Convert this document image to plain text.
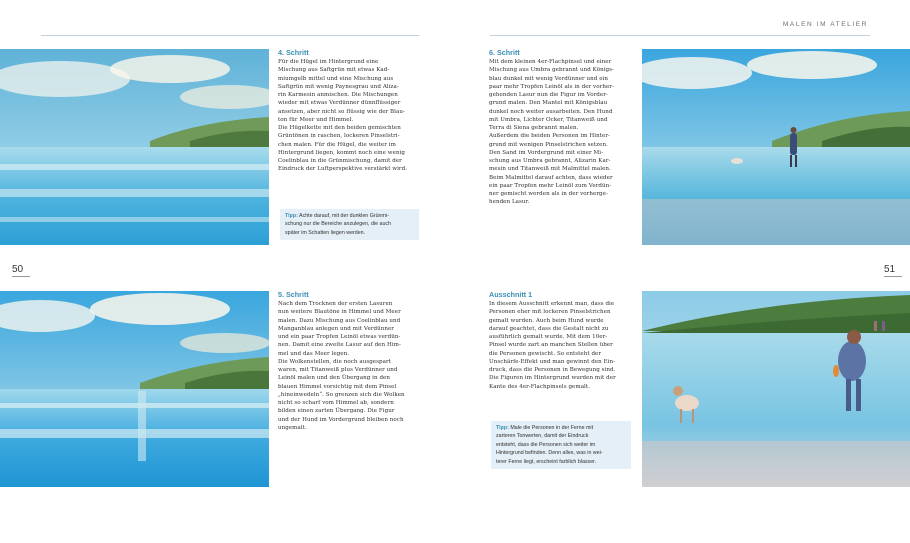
MALEN IM ATELIER
50	51
4. Schritt

Für die Hügel im Hintergrund eine
Mischung aus Saftgrün mit etwas Kad-
miumgelb mittel und eine Mischung aus
Saftgrün mit wenig Paynesgrau und Aliza-
rin Karmesin anmischen. Die Mischungen
wieder mit etwas Verdünner dünnflüssiger
ansetzen, aber nicht so flüssig wie der Blau-
ton für Meer und Himmel.
Die Hügelkette mit den beiden gemischten
Grüntönen in raschen, lockeren Pinselstri-
chen malen. Für die Hügel, die weiter im
Hintergrund liegen, kommt noch eine wenig
Coelinblau in die Grünmischung, damit der
Eindruck der Luftperspektive verstärkt wird.

Tipp: Achte darauf, mit der dunklen Grünmi-
schung nur die Bereiche anzulegen, die auch
später im Schatten liegen werden.
5. Schritt

Nach dem Trocknen der ersten Lasuren
nun weitere Blautöne in Himmel und Meer
malen. Dazu Mischung aus Coelinblau und
Manganblau anlegen und mit Verdünner
und ein paar Tropfen Leinöl etwas verdün-
nen. Damit eine zweite Lasur auf den Him-
mel und das Meer legen.
Die Wolkenstellen, die noch ausgespart
waren, mit Titanweiß plus Verdünner und
Leinöl malen und den Übergang in den
blauen Himmel vorsichtig mit dem Pinsel
„hineinwedeln“. So grenzen sich die Wolken
nicht so scharf vom Himmel ab, sondern
bilden einen zarten Übergang. Die Figur
und der Hund im Vordergrund bleiben noch
ungemalt.

6. Schritt

Mit dem kleinen 4er-Flachpinsel und einer
Mischung aus Umbra gebrannt und Königs-
blau dunkel mit wenig Verdünner und ein
paar mehr Tropfen Leinöl als in der vorher-
gehenden Lasur nun die Figur im Vorder-
grund malen. Den Mantel mit Königsblau
dunkel noch weiter ausarbeiten. Den Hund
mit Umbra, Lichter Ocker, Titanweiß und
Terra di Siena gebrannt malen.
Außerdem die beiden Personen im Hinter-
grund mit wenigen Pinselstrichen setzen.
Den Sand im Vordergrund mit einer Mi-
schung aus Umbra gebrannt, Alizarin Kar-
mesin und Titanweiß mit Malmittel malen.
Beim Malmittel darauf achten, dass wieder
ein paar Tropfen mehr Leinöl zum Verdün-
ner gemischt werden als in der vorherge-
henden Lasur.

Ausschnitt 1

In diesem Ausschnitt erkennt man, dass die
Personen eher mit lockeren Pinselstrichen
gemalt wurden. Auch beim Hund wurde
darauf geachtet, dass die Gestalt nicht zu
ausführlich gemalt wurde. Mit dem 10er-
Pinsel wurde zart an manchen Stellen über
die Personen gewischt. So entsteht der
Unschärfe-Effekt und man gewinnt den Ein-
druck, dass die Personen in Bewegung sind.
Die Figuren im Hintergrund wurden mit der
Kante des 4er-Flachpinsels gemalt.

Tipp: Male die Personen in der Ferne mit
zarteren Tonwerten, damit der Eindruck
entsteht, dass die Personen sich weiter im
Hintergrund befinden. Denn alles, was in wei-
terer Ferne liegt, erscheint farblich blasser.
